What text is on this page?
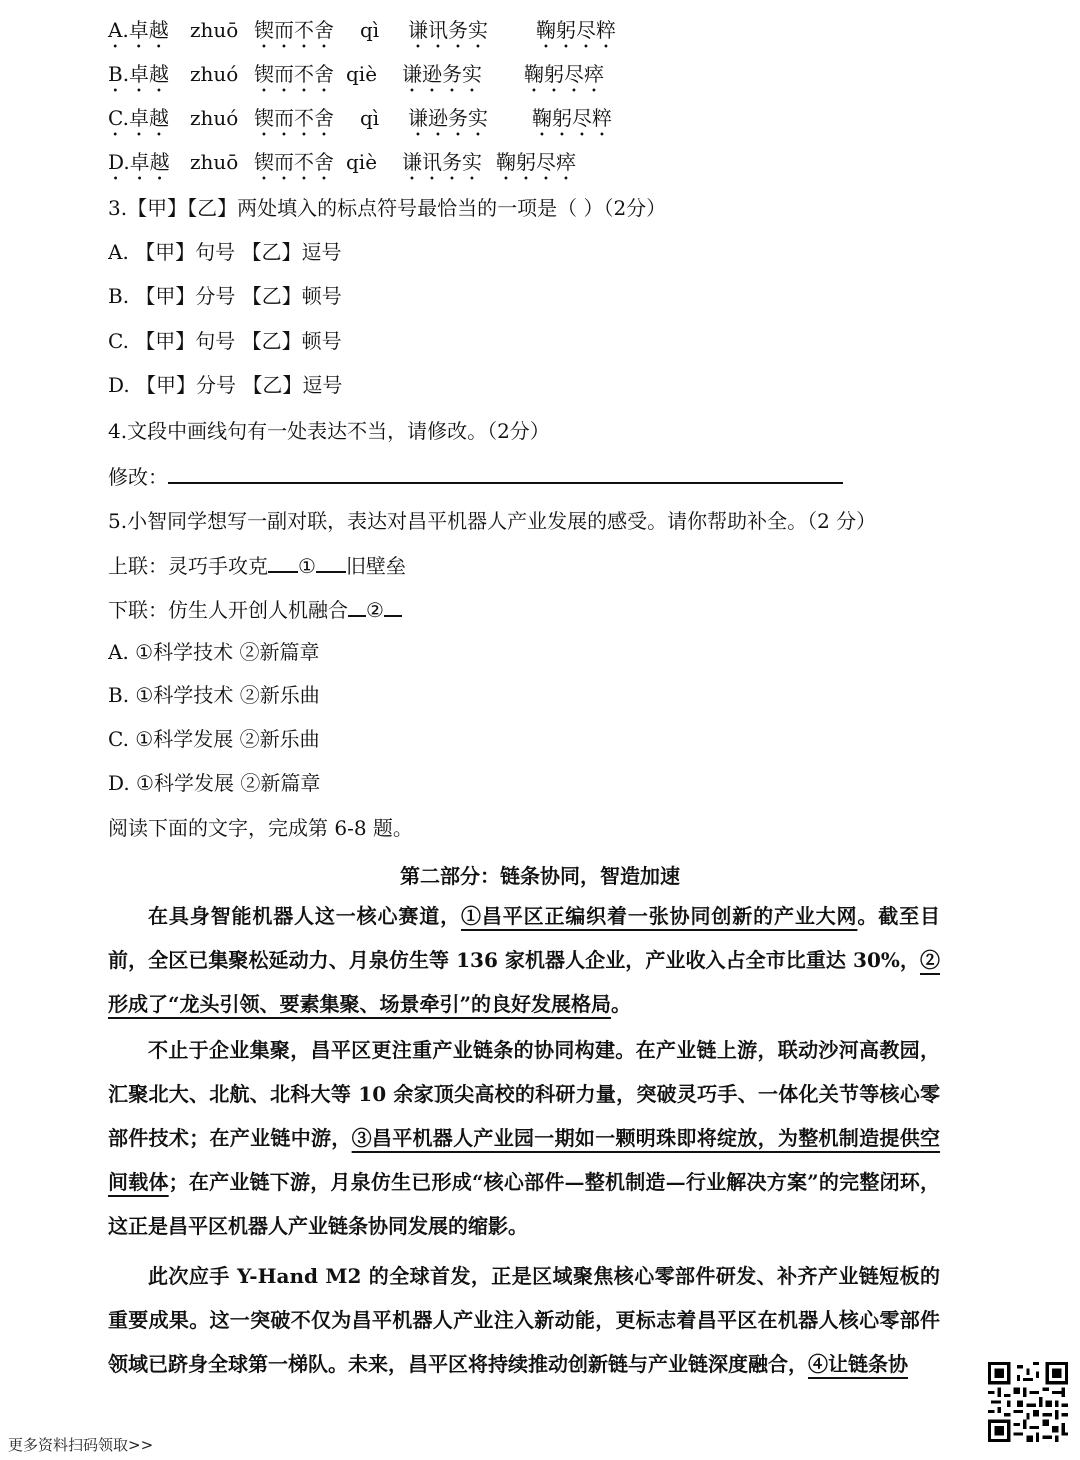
A.卓越 zhuō 锲而不舍 qì 谦讯务实 鞠躬尽粹
B.卓越 zhuó 锲而不舍 qiè 谦逊务实 鞠躬尽瘁
C.卓越 zhuó 锲而不舍 qì 谦逊务实 鞠躬尽粹
D.卓越 zhuō 锲而不舍 qiè 谦讯务实 鞠躬尽瘁
3.【甲】【乙】两处填入的标点符号最恰当的一项是（ ）（2分）
A. 【甲】句号 【乙】逗号
B. 【甲】分号 【乙】顿号
C. 【甲】句号 【乙】顿号
D. 【甲】分号 【乙】逗号
4.文段中画线句有一处表达不当，请修改。（2分）
修改：
5.小智同学想写一副对联，表达对昌平机器人产业发展的感受。请你帮助补全。（2 分）
上联：灵巧手攻克 ① 旧壁垒
下联：仿生人开创人机融合 ②
A. ①科学技术 ②新篇章
B. ①科学技术 ②新乐曲
C. ①科学发展 ②新乐曲
D. ①科学发展 ②新篇章
阅读下面的文字，完成第 6-8 题。
第二部分：链条协同，智造加速
在具身智能机器人这一核心赛道，①昌平区正编织着一张协同创新的产业大网。截至目前，全区已集聚松延动力、月泉仿生等 136 家机器人企业，产业收入占全市比重达 30%，②形成了“龙头引领、要素集聚、场景牵引”的良好发展格局。
不止于企业集聚，昌平区更注重产业链条的协同构建。在产业链上游，联动沙河高教园，汇聚北大、北航、北科大等 10 余家顶尖高校的科研力量，突破灵巧手、一体化关节等核心零部件技术；在产业链中游，③昌平机器人产业园一期如一颗明珠即将绽放，为整机制造提供空间载体；在产业链下游，月泉仿生已形成“核心部件—整机制造—行业解决方案”的完整闭环，这正是昌平区机器人产业链条协同发展的缩影。
此次应手 Y-Hand M2 的全球首发，正是区域聚焦核心零部件研发、补齐产业链短板的重要成果。这一突破不仅为昌平机器人产业注入新动能，更标志着昌平区在机器人核心零部件领域已跻身全球第一梯队。未来，昌平区将持续推动创新链与产业链深度融合，④让链条协
更多资料扫码领取>>
